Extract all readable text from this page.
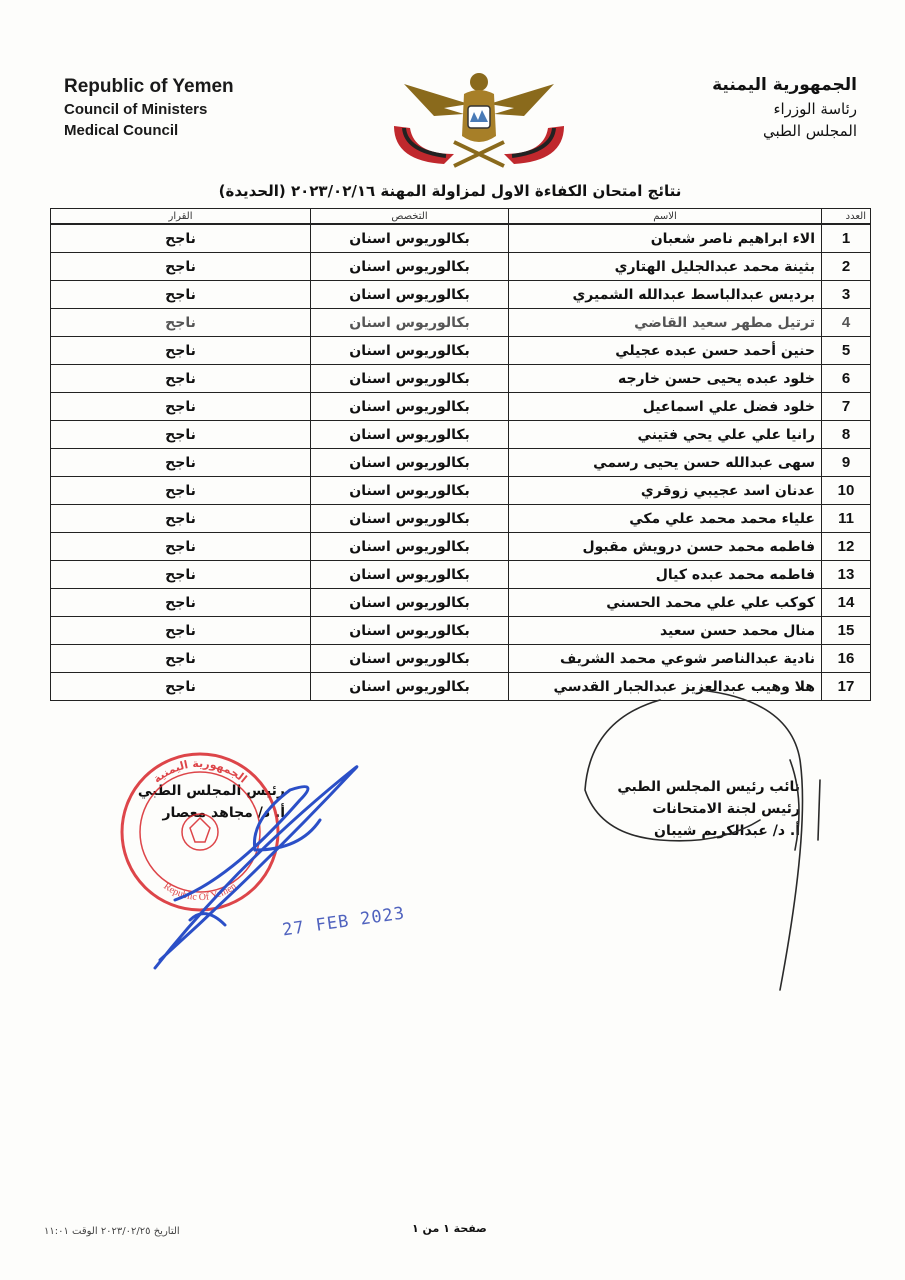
Republic of Yemen
Council of Ministers
Medical Council
الجمهورية اليمنية
رئاسة الوزراء
المجلس الطبي
نتائج امتحان الكفاءة الاول لمزاولة المهنة ٢٠٢٣/٠٢/١٦ (الحديدة)
العدد	الاسم	التخصص	القرار
1	الاء ابراهيم ناصر شعبان	بكالوريوس اسنان	ناجح
2	بثينة محمد عبدالجليل الهتاري	بكالوريوس اسنان	ناجح
3	برديس عبدالباسط عبدالله الشميري	بكالوريوس اسنان	ناجح
4	ترتيل مطهر سعيد القاضي	بكالوريوس اسنان	ناجح
5	حنين أحمد حسن عبده عجيلي	بكالوريوس اسنان	ناجح
6	خلود عبده يحيى حسن خارجه	بكالوريوس اسنان	ناجح
7	خلود فضل علي اسماعيل	بكالوريوس اسنان	ناجح
8	رانيا علي علي يحي فتيني	بكالوريوس اسنان	ناجح
9	سهى عبدالله حسن يحيى رسمي	بكالوريوس اسنان	ناجح
10	عدنان اسد عجيبي زوقري	بكالوريوس اسنان	ناجح
11	علياء محمد محمد علي مكي	بكالوريوس اسنان	ناجح
12	فاطمه محمد حسن درويش مقبول	بكالوريوس اسنان	ناجح
13	فاطمه محمد عبده كيال	بكالوريوس اسنان	ناجح
14	كوكب علي علي محمد الحسني	بكالوريوس اسنان	ناجح
15	منال محمد حسن سعيد	بكالوريوس اسنان	ناجح
16	نادية عبدالناصر شوعي محمد الشريف	بكالوريوس اسنان	ناجح
17	هلا وهيب عبدالعزيز عبدالجبار القدسي	بكالوريوس اسنان	ناجح
نائب رئيس المجلس الطبي
رئيس لجنة الامتحانات
أ. د/ عبدالكريم شيبان
رئيس المجلس الطبي
أ. د/ مجاهد معصار
الجمهورية اليمنية
Republic Of Yemen
27 FEB 2023
صفحة ١ من ١
التاريخ ٢٠٢٣/٠٢/٢٥ الوقت ١١:٠١
